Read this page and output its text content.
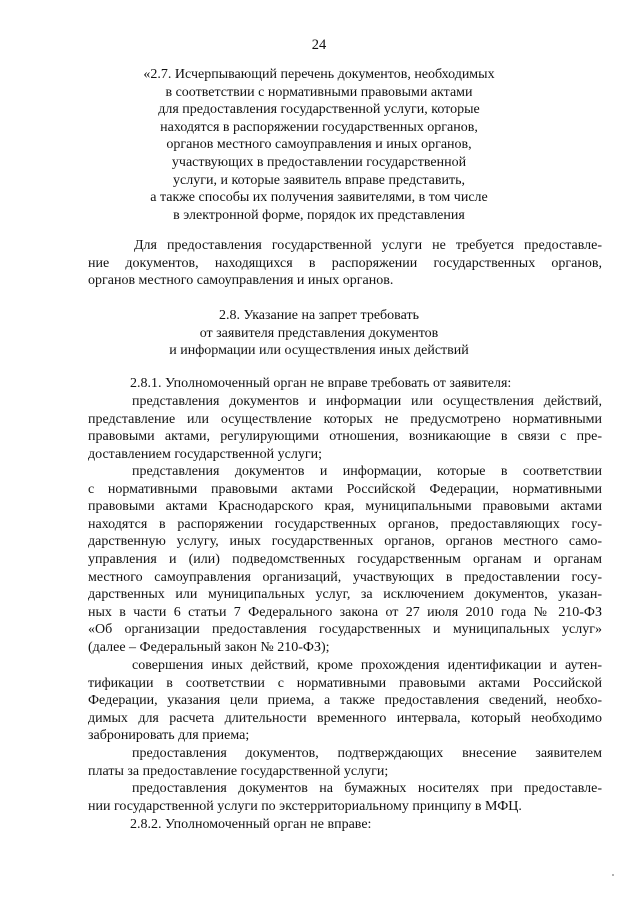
24
«2.7. Исчерпывающий перечень документов, необходимых
в соответствии с нормативными правовыми актами
для предоставления государственной услуги, которые
находятся в распоряжении государственных органов,
органов местного самоуправления и иных органов,
участвующих в предоставлении государственной
услуги, и которые заявитель вправе представить,
а также способы их получения заявителями, в том числе
в электронной форме, порядок их представления
Для предоставления государственной услуги не требуется предоставле-
ние документов, находящихся в распоряжении государственных органов,
органов местного самоуправления и иных органов.
2.8. Указание на запрет требовать
от заявителя представления документов
и информации или осуществления иных действий
2.8.1. Уполномоченный орган не вправе требовать от заявителя:
представления документов и информации или осуществления действий,
представление или осуществление которых не предусмотрено нормативными
правовыми актами, регулирующими отношения, возникающие в связи с пре-
доставлением государственной услуги;
представления документов и информации, которые в соответствии
с нормативными правовыми актами Российской Федерации, нормативными
правовыми актами Краснодарского края, муниципальными правовыми актами
находятся в распоряжении государственных органов, предоставляющих госу-
дарственную услугу, иных государственных органов, органов местного само-
управления и (или) подведомственных государственным органам и органам
местного самоуправления организаций, участвующих в предоставлении госу-
дарственных или муниципальных услуг, за исключением документов, указан-
ных в части 6 статьи 7 Федерального закона от 27 июля 2010 года № 210-ФЗ
«Об организации предоставления государственных и муниципальных услуг»
(далее – Федеральный закон № 210-ФЗ);
совершения иных действий, кроме прохождения идентификации и аутен-
тификации в соответствии с нормативными правовыми актами Российской
Федерации, указания цели приема, а также предоставления сведений, необхо-
димых для расчета длительности временного интервала, который необходимо
забронировать для приема;
предоставления документов, подтверждающих внесение заявителем
платы за предоставление государственной услуги;
предоставления документов на бумажных носителях при предоставле-
нии государственной услуги по экстерриториальному принципу в МФЦ.
2.8.2. Уполномоченный орган не вправе:
